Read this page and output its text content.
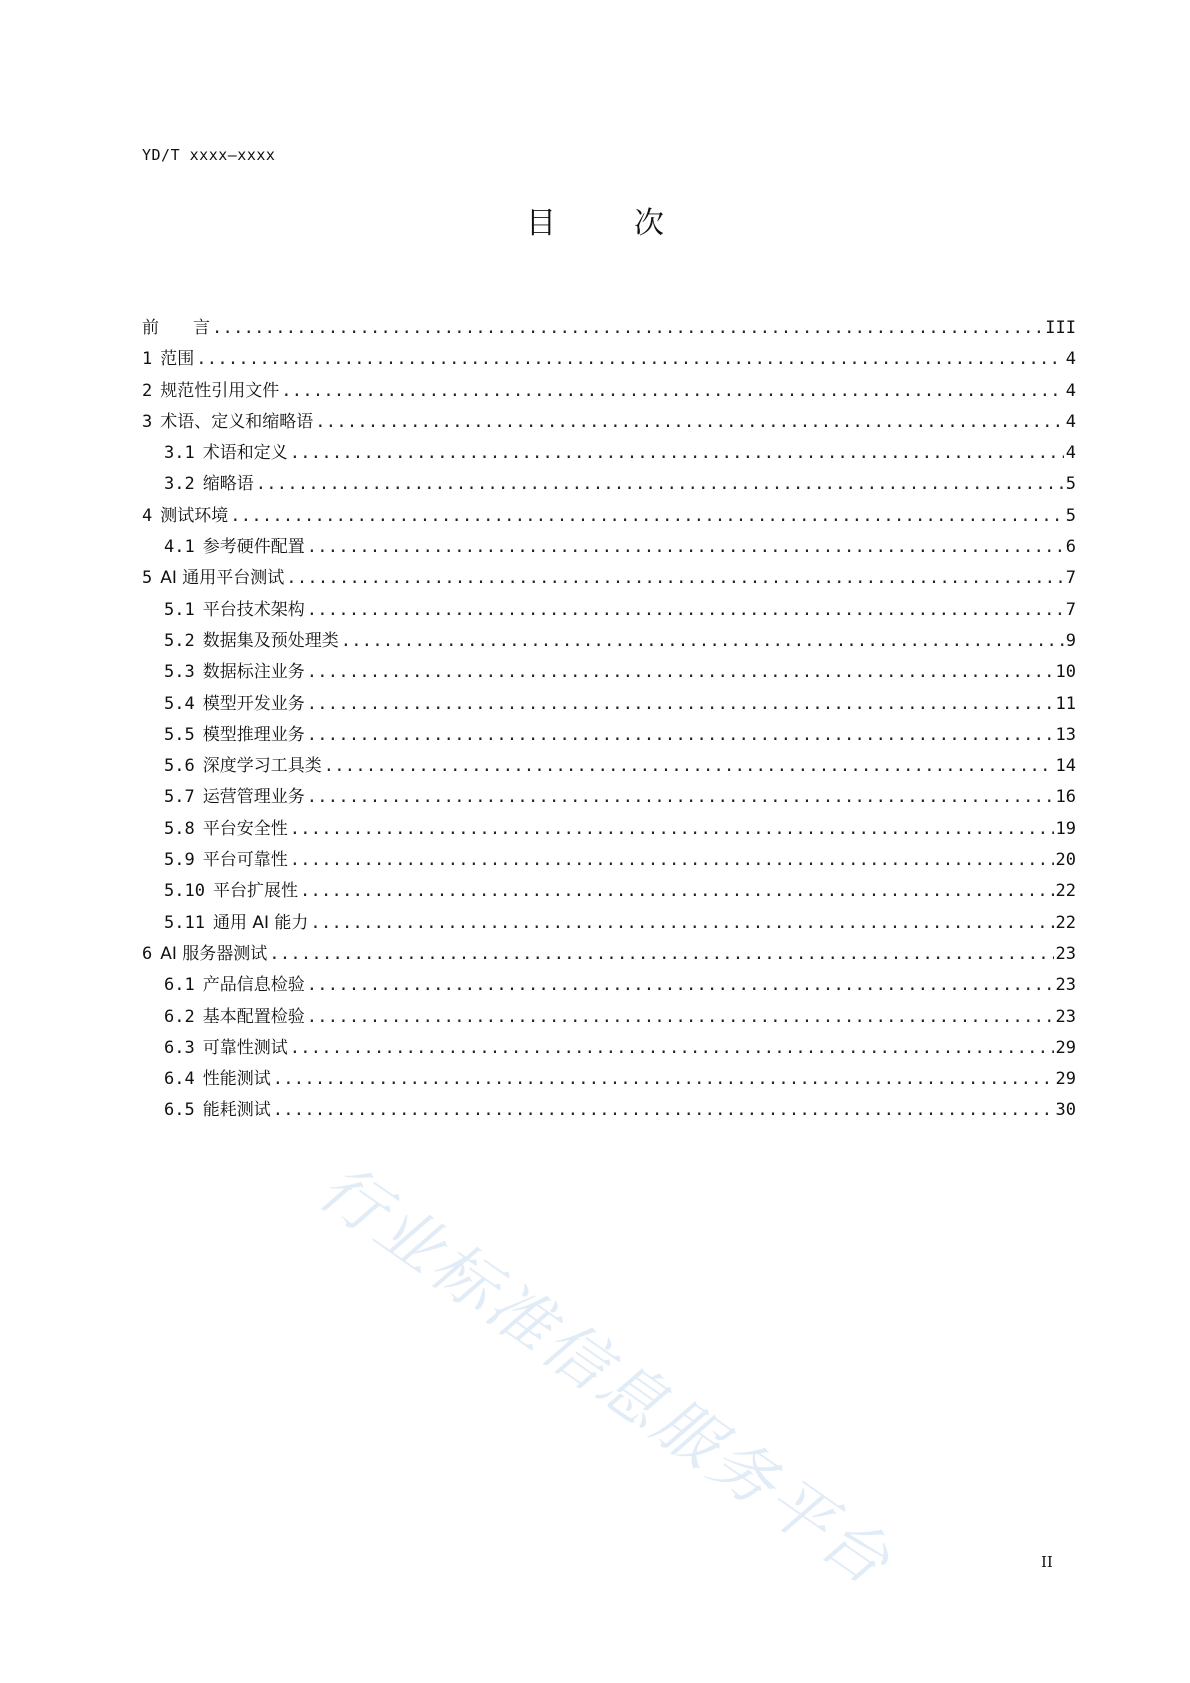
YD/T xxxx—xxxx
目	次
前　　言 .....	III
1 范围 .....	4
2 规范性引用文件 .....	4
3 术语、定义和缩略语 .....	4
3.1 术语和定义 .....	4
3.2 缩略语 .....	5
4 测试环境 .....	5
4.1 参考硬件配置 .....	6
5 AI 通用平台测试 .....	7
5.1 平台技术架构 .....	7
5.2 数据集及预处理类 .....	9
5.3 数据标注业务 .....	10
5.4 模型开发业务 .....	11
5.5 模型推理业务 .....	13
5.6 深度学习工具类 .....	14
5.7 运营管理业务 .....	16
5.8 平台安全性 .....	19
5.9 平台可靠性 .....	20
5.10 平台扩展性 .....	22
5.11 通用 AI 能力 .....	22
6 AI 服务器测试 .....	23
6.1 产品信息检验 .....	23
6.2 基本配置检验 .....	23
6.3 可靠性测试 .....	29
6.4 性能测试 .....	29
6.5 能耗测试 .....	30
行业标准信息服务平台	II
